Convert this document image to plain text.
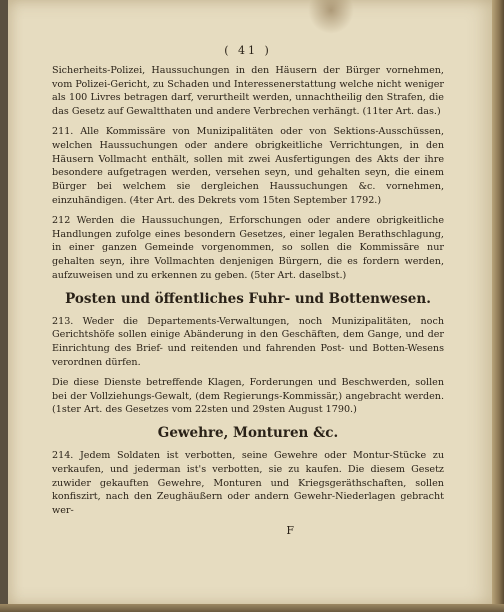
( 41 )

Sicherheits-Polizei, Haussuchungen in den Häusern der Bürger vornehmen, vom Polizei-Gericht, zu Schaden und Interessenerstattung welche nicht weniger als 100 Livres betragen darf, verurtheilt werden, unnachtheilig den Strafen, die das Gesetz auf Gewaltthaten und andere Verbrechen verhängt. (11ter Art. das.)

211. Alle Kommissäre von Munizipalitäten oder von Sektions-Ausschüssen, welchen Haussuchungen oder andere obrigkeitliche Verrichtungen, in den Häusern Vollmacht enthält, sollen mit zwei Ausfertigungen des Akts der ihre besondere aufgetragen werden, versehen seyn, und gehalten seyn, die einem Bürger bei welchem sie dergleichen Haussuchungen &c. vornehmen, einzuhändigen. (4ter Art. des Dekrets vom 15ten September 1792.)

212 Werden die Haussuchungen, Erforschungen oder andere obrigkeitliche Handlungen zufolge eines besondern Gesetzes, einer legalen Berathschlagung, in einer ganzen Gemeinde vorgenommen, so sollen die Kommissäre nur gehalten seyn, ihre Vollmachten denjenigen Bürgern, die es fordern werden, aufzuweisen und zu erkennen zu geben. (5ter Art. daselbst.)

Posten und öffentliches Fuhr- und Bottenwesen.

213. Weder die Departements-Verwaltungen, noch Munizipalitäten, noch Gerichtshöfe sollen einige Abänderung in den Geschäften, dem Gange, und der Einrichtung des Brief- und reitenden und fahrenden Post- und Botten-Wesens verordnen dürfen.

Die diese Dienste betreffende Klagen, Forderungen und Beschwerden, sollen bei der Vollziehungs-Gewalt, (dem Regierungs-Kommissär,) angebracht werden. (1ster Art. des Gesetzes vom 22sten und 29sten August 1790.)

Gewehre, Monturen &c.

214. Jedem Soldaten ist verbotten, seine Gewehre oder Montur-Stücke zu verkaufen, und jederman ist's verbotten, sie zu kaufen. Die diesem Gesetz zuwider gekauften Gewehre, Monturen und Kriegsgeräthschaften, sollen konfiszirt, nach den Zeughäußern oder andern Gewehr-Niederlagen gebracht wer-

F
